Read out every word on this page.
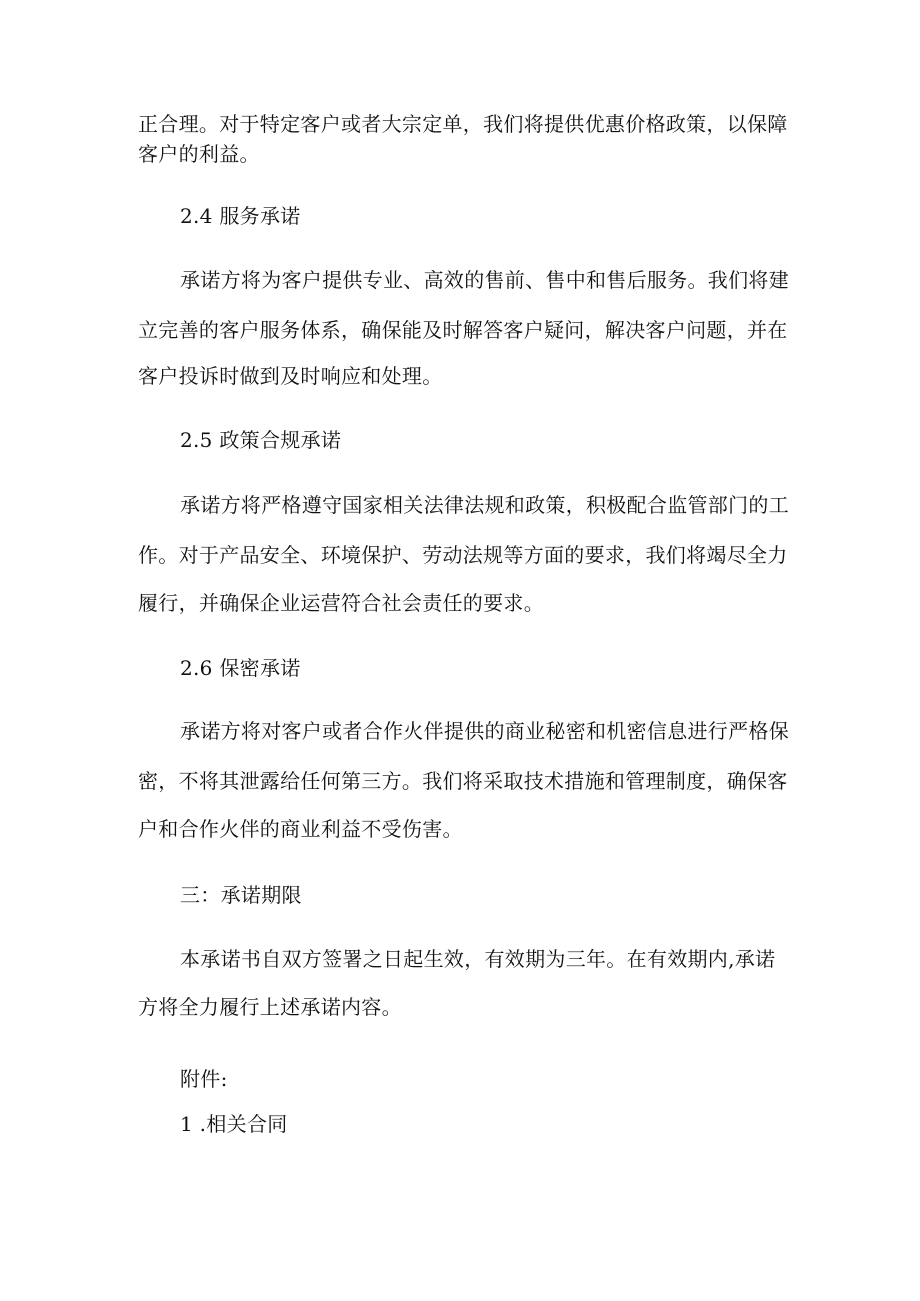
正合理。对于特定客户或者大宗定单，我们将提供优惠价格政策，以保障
客户的利益。
2.4 服务承诺
承诺方将为客户提供专业、高效的售前、售中和售后服务。我们将建
立完善的客户服务体系，确保能及时解答客户疑问，解决客户问题，并在
客户投诉时做到及时响应和处理。
2.5 政策合规承诺
承诺方将严格遵守国家相关法律法规和政策，积极配合监管部门的工
作。对于产品安全、环境保护、劳动法规等方面的要求，我们将竭尽全力
履行，并确保企业运营符合社会责任的要求。
2.6 保密承诺
承诺方将对客户或者合作火伴提供的商业秘密和机密信息进行严格保
密，不将其泄露给任何第三方。我们将采取技术措施和管理制度，确保客
户和合作火伴的商业利益不受伤害。
三：承诺期限
本承诺书自双方签署之日起生效，有效期为三年。在有效期内,承诺
方将全力履行上述承诺内容。
附件:
1 .相关合同
